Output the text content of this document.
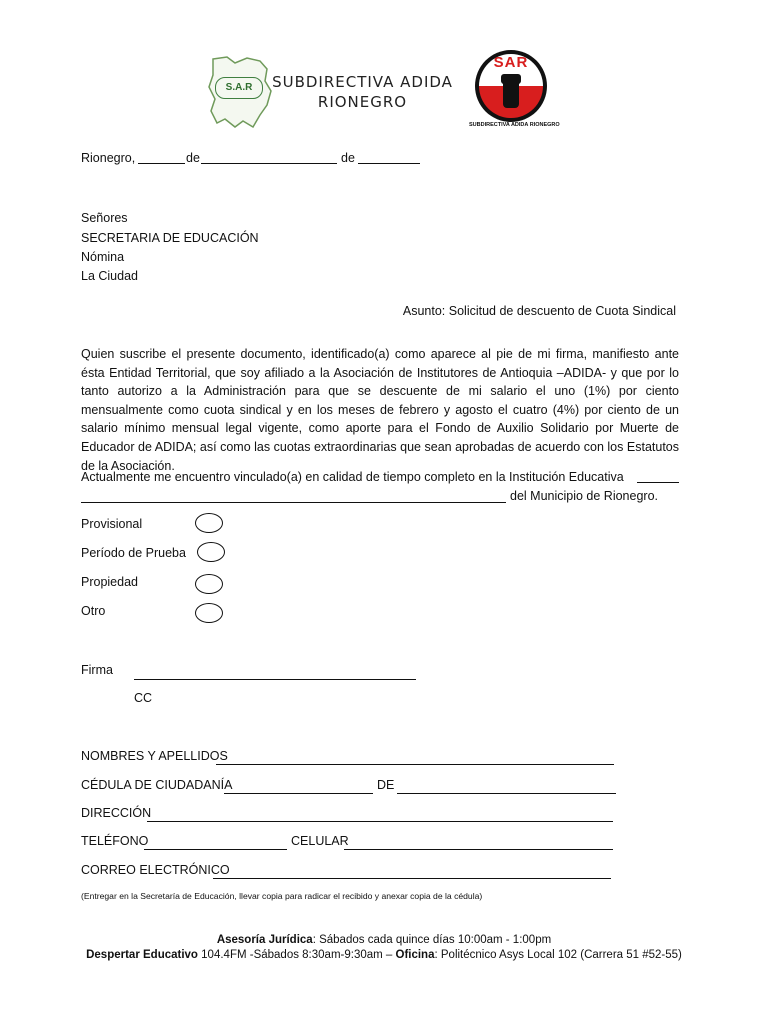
S.A.R	SUBDIRECTIVA ADIDA
RIONEGRO
SAR
SUBDIRECTIVA ADIDA RIONEGRO
Rionegro,	de	de
Señores
SECRETARIA DE EDUCACIÓN
Nómina
La Ciudad
Asunto: Solicitud de descuento de Cuota Sindical
Quien suscribe el presente documento, identificado(a) como aparece al pie de mi firma, manifiesto ante ésta Entidad Territorial, que soy afiliado a la Asociación de Institutores de Antioquia –ADIDA- y que por lo tanto autorizo a la Administración para que se descuente de mi salario el uno (1%) por ciento mensualmente como cuota sindical y en los meses de febrero y agosto el cuatro (4%) por ciento de un salario mínimo mensual legal vigente, como aporte para el Fondo de Auxilio Solidario por Muerte de Educador de ADIDA; así como las cuotas extraordinarias que sean aprobadas de acuerdo con los Estatutos de la Asociación.
Actualmente me encuentro vinculado(a) en calidad de tiempo completo en la Institución Educativa
del Municipio de Rionegro.
Provisional
Período de Prueba
Propiedad
Otro
Firma
CC
NOMBRES Y APELLIDOS
CÉDULA DE CIUDADANÍA	DE
DIRECCIÓN
TELÉFONO	CELULAR
CORREO ELECTRÓNICO
(Entregar en la Secretaría de Educación, llevar copia para radicar el recibido y anexar copia de la cédula)
Asesoría Jurídica: Sábados cada quince días 10:00am - 1:00pm
Despertar Educativo 104.4FM -Sábados 8:30am-9:30am – Oficina: Politécnico Asys Local 102 (Carrera 51 #52-55)
